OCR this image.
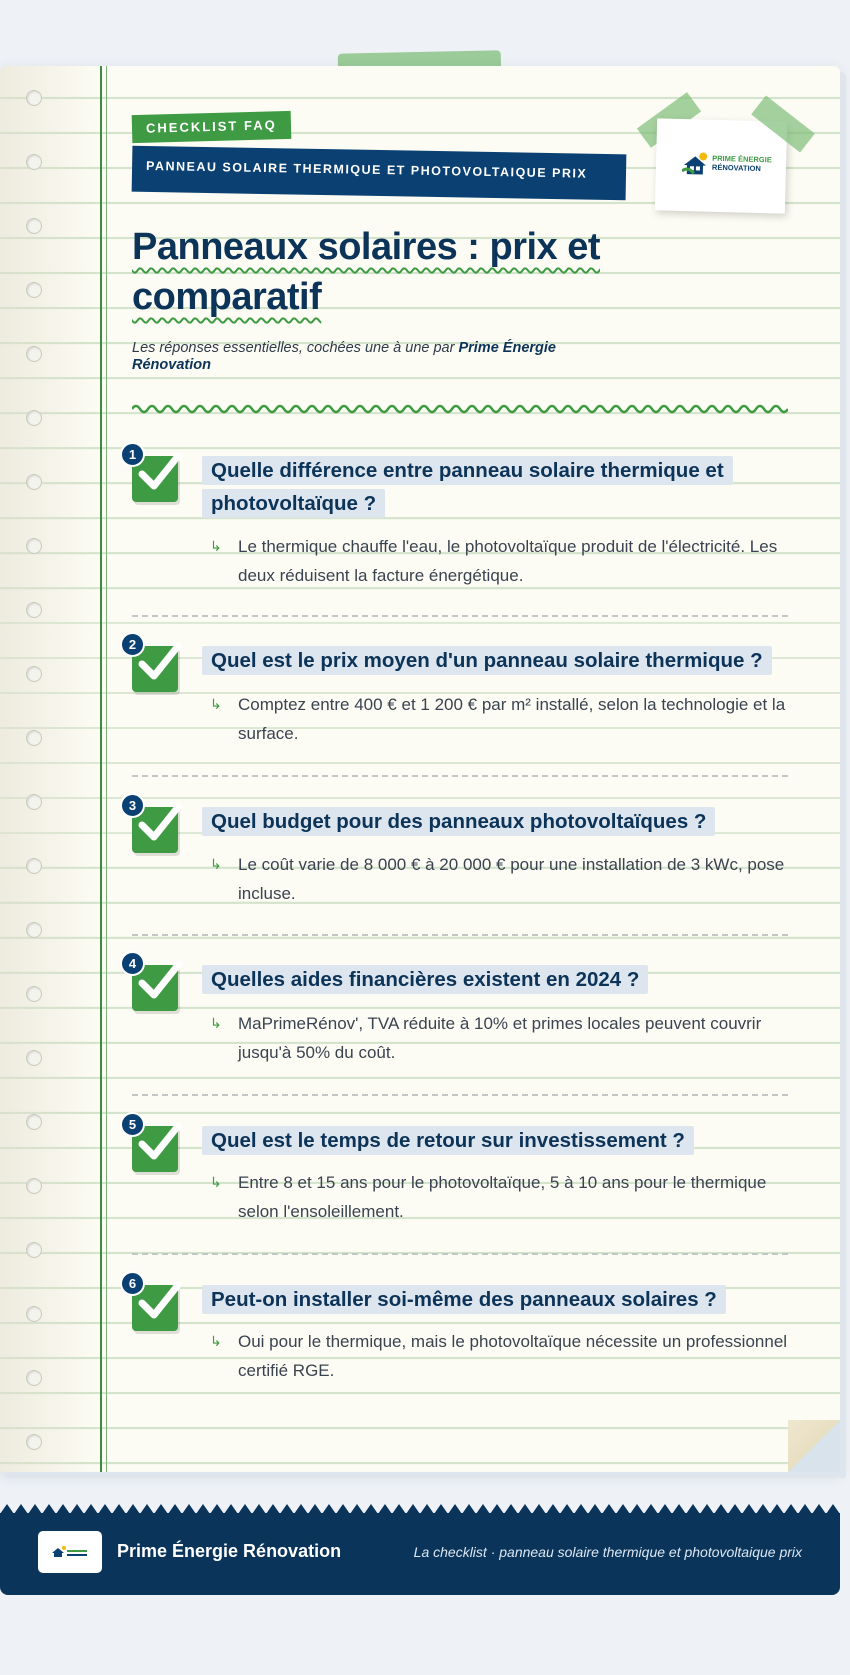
CHECKLIST FAQ
PANNEAU SOLAIRE THERMIQUE ET PHOTOVOLTAIQUE PRIX	PRIME ÉNERGIE
RÉNOVATION
Panneaux solaires : prix et
comparatif

Les réponses essentielles, cochées une à une par Prime Énergie Rénovation

1
Quelle différence entre panneau solaire thermique et photovoltaïque ?
2
Quel est le prix moyen d'un panneau solaire thermique ?
3
Quel budget pour des panneaux photovoltaïques ?
4
Quelles aides financières existent en 2024 ?
5
Quel est le temps de retour sur investissement ?
6
Peut-on installer soi-même des panneaux solaires ?
Prime Énergie Rénovation	La checklist · panneau solaire thermique et photovoltaique prix
↳ Le thermique chauffe l'eau, le photovoltaïque produit de l'électricité. Les deux réduisent la facture énergétique.

↳ Comptez entre 400 € et 1 200 € par m² installé, selon la technologie et la surface.

↳ Le coût varie de 8 000 € à 20 000 € pour une installation de 3 kWc, pose incluse.

↳ MaPrimeRénov', TVA réduite à 10% et primes locales peuvent couvrir jusqu'à 50% du coût.

↳ Entre 8 et 15 ans pour le photovoltaïque, 5 à 10 ans pour le thermique selon l'ensoleillement.

↳ Oui pour le thermique, mais le photovoltaïque nécessite un professionnel certifié RGE.
